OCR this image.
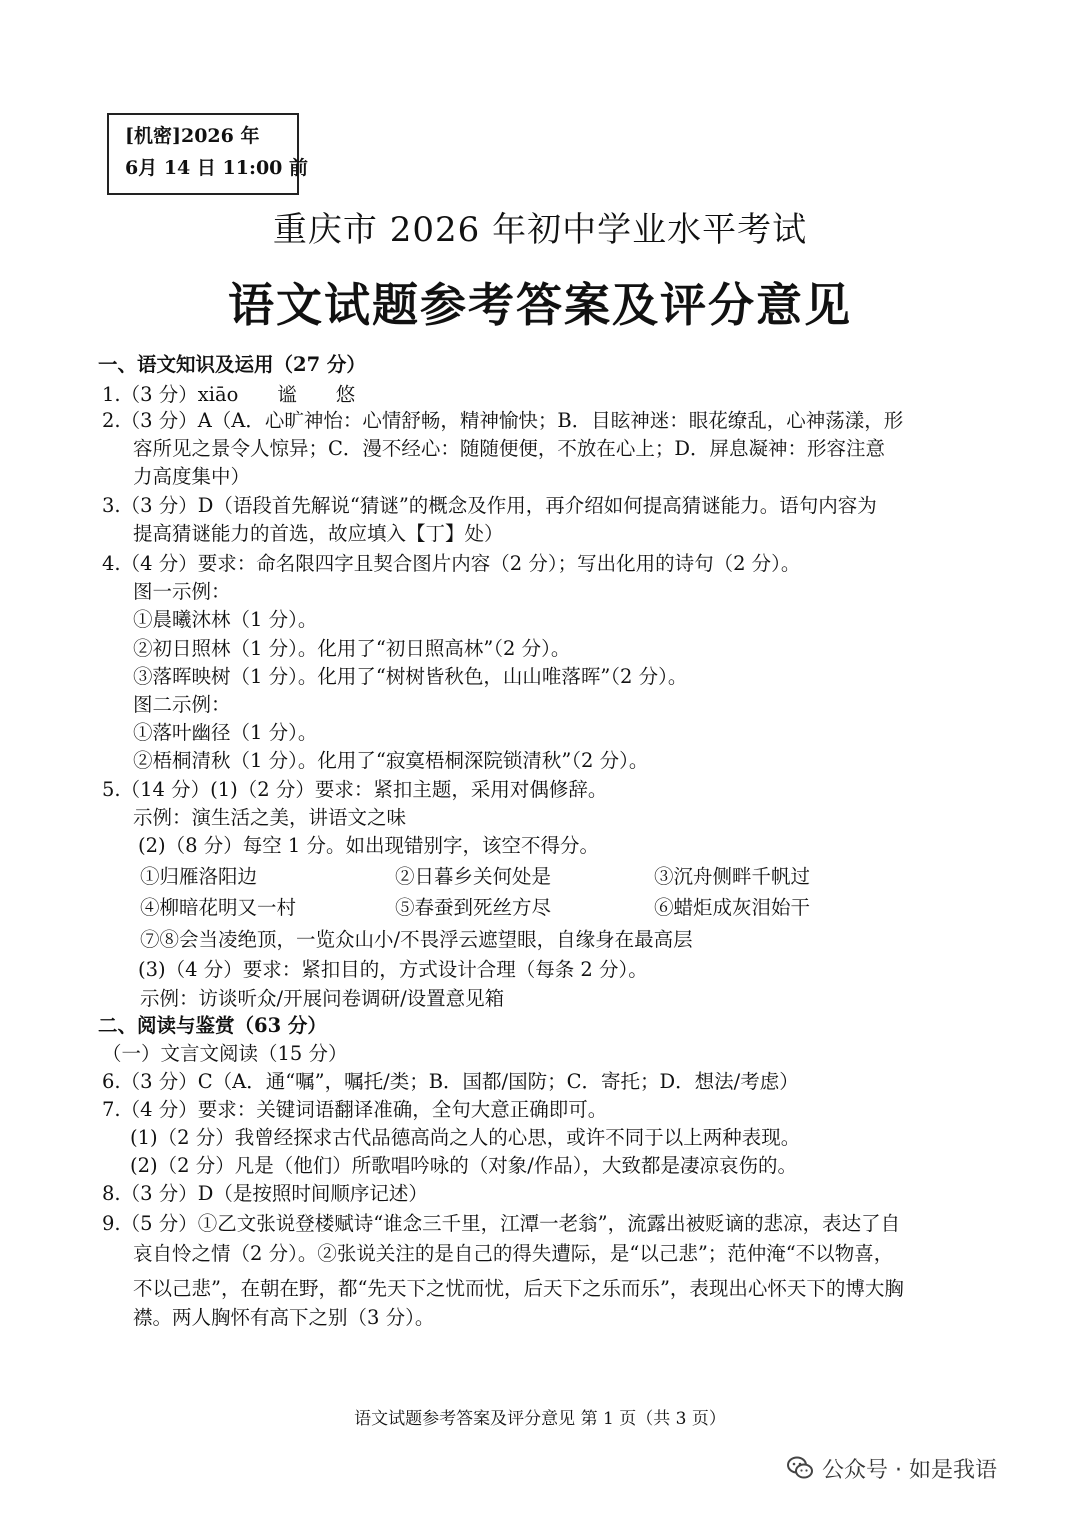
[机密]2026 年
6月 14 日 11:00 前
重庆市 2026 年初中学业水平考试
语文试题参考答案及评分意见
一、语文知识及运用（27 分）
1.（3 分）xiāo　　谧　　悠
2.（3 分）A（A．心旷神怡：心情舒畅，精神愉快；B．目眩神迷：眼花缭乱，心神荡漾，形
容所见之景令人惊异；C．漫不经心：随随便便，不放在心上；D．屏息凝神：形容注意
力高度集中）
3.（3 分）D（语段首先解说“猜谜”的概念及作用，再介绍如何提高猜谜能力。语句内容为
提高猜谜能力的首选，故应填入【丁】处）
4.（4 分）要求：命名限四字且契合图片内容（2 分）；写出化用的诗句（2 分）。
图一示例：
①晨曦沐林（1 分）。
②初日照林（1 分）。化用了“初日照高林”（2 分）。
③落晖映树（1 分）。化用了“树树皆秋色，山山唯落晖”（2 分）。
图二示例：
①落叶幽径（1 分）。
②梧桐清秋（1 分）。化用了“寂寞梧桐深院锁清秋”（2 分）。
5.（14 分）(1)（2 分）要求：紧扣主题，采用对偶修辞。
示例：演生活之美，讲语文之味
(2)（8 分）每空 1 分。如出现错别字，该空不得分。
①归雁洛阳边	②日暮乡关何处是	③沉舟侧畔千帆过
④柳暗花明又一村	⑤春蚕到死丝方尽	⑥蜡炬成灰泪始干
⑦⑧会当凌绝顶，一览众山小/不畏浮云遮望眼，自缘身在最高层
(3)（4 分）要求：紧扣目的，方式设计合理（每条 2 分）。
示例：访谈听众/开展问卷调研/设置意见箱
二、阅读与鉴赏（63 分）
（一）文言文阅读（15 分）
6.（3 分）C（A．通“嘱”，嘱托/类；B．国都/国防；C．寄托；D．想法/考虑）
7.（4 分）要求：关键词语翻译准确，全句大意正确即可。
(1)（2 分）我曾经探求古代品德高尚之人的心思，或许不同于以上两种表现。
(2)（2 分）凡是（他们）所歌唱吟咏的（对象/作品），大致都是凄凉哀伤的。
8.（3 分）D（是按照时间顺序记述）
9.（5 分）①乙文张说登楼赋诗“谁念三千里，江潭一老翁”，流露出被贬谪的悲凉，表达了自
哀自怜之情（2 分）。②张说关注的是自己的得失遭际，是“以己悲”；范仲淹“不以物喜，
不以己悲”，在朝在野，都“先天下之忧而忧，后天下之乐而乐”，表现出心怀天下的博大胸
襟。两人胸怀有高下之别（3 分）。
语文试题参考答案及评分意见 第 1 页（共 3 页）
公众号 · 如是我语
